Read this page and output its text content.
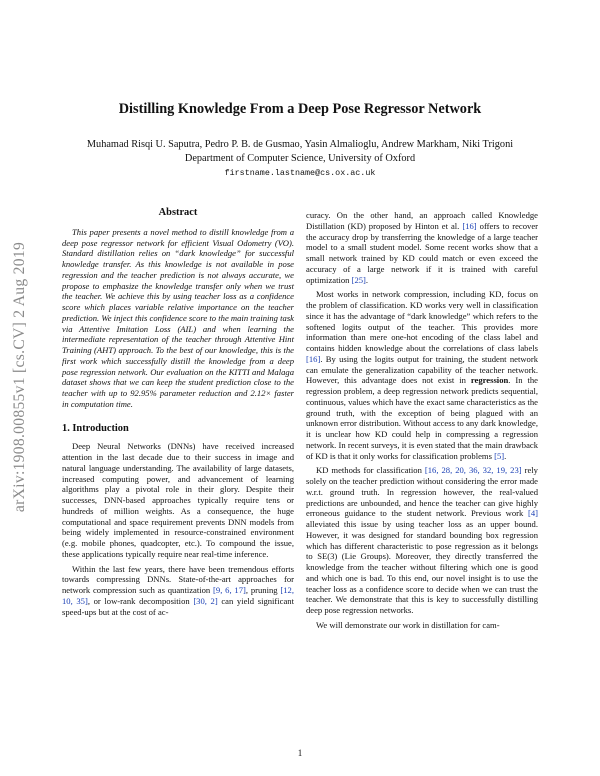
arXiv:1908.00855v1 [cs.CV] 2 Aug 2019
Distilling Knowledge From a Deep Pose Regressor Network
Muhamad Risqi U. Saputra, Pedro P. B. de Gusmao, Yasin Almalioglu, Andrew Markham, Niki Trigoni
Department of Computer Science, University of Oxford
firstname.lastname@cs.ox.ac.uk
Abstract

This paper presents a novel method to distill knowledge from a deep pose regressor network for efficient Visual Odometry (VO). Standard distillation relies on “dark knowledge” for successful knowledge transfer. As this knowledge is not available in pose regression and the teacher prediction is not always accurate, we propose to emphasize the knowledge transfer only when we trust the teacher. We achieve this by using teacher loss as a confidence score which places variable relative importance on the teacher prediction. We inject this confidence score to the main training task via Attentive Imitation Loss (AIL) and when learning the intermediate representation of the teacher through Attentive Hint Training (AHT) approach. To the best of our knowledge, this is the first work which successfully distill the knowledge from a deep pose regression network. Our evaluation on the KITTI and Malaga dataset shows that we can keep the student prediction close to the teacher with up to 92.95% parameter reduction and 2.12× faster in computation time.

1. Introduction

Deep Neural Networks (DNNs) have received increased attention in the last decade due to their success in image and natural language understanding. The availability of large datasets, increased computing power, and advancement of learning algorithms play a pivotal role in their glory. Despite their successes, DNN-based approaches typically require tens or hundreds of million weights. As a consequence, the huge computational and space requirement prevents DNN models from being widely implemented in resource-constrained environment (e.g. mobile phones, quadcopter, etc.). To compound the issue, these applications typically require near real-time inference.

Within the last few years, there have been tremendous efforts towards compressing DNNs. State-of-the-art approaches for network compression such as quantization [9, 6, 17], pruning [12, 10, 35], or low-rank decomposition [30, 2] can yield significant speed-ups but at the cost of ac-

curacy. On the other hand, an approach called Knowledge Distillation (KD) proposed by Hinton et al. [16] offers to recover the accuracy drop by transferring the knowledge of a large teacher model to a small student model. Some recent works show that a small network trained by KD could match or even exceed the accuracy of a large network if it is trained with careful optimization [25].

Most works in network compression, including KD, focus on the problem of classification. KD works very well in classification since it has the advantage of “dark knowledge” which refers to the softened logits output of the teacher. This provides more information than mere one-hot encoding of the class label and contains hidden knowledge about the correlations of class labels [16]. By using the logits output for training, the student network can emulate the generalization capability of the teacher network. However, this advantage does not exist in regression. In the regression problem, a deep regression network predicts sequential, continuous, values which have the exact same characteristics as the ground truth, with the exception of being plagued with an unknown error distribution. Without access to any dark knowledge, it is unclear how KD could help in compressing a regression network. In recent surveys, it is even stated that the main drawback of KD is that it only works for classification problems [5].

KD methods for classification [16, 28, 20, 36, 32, 19, 23] rely solely on the teacher prediction without considering the error made w.r.t. ground truth. In regression however, the real-valued predictions are unbounded, and hence the teacher can give highly erroneous guidance to the student network. Previous work [4] alleviated this issue by using teacher loss as an upper bound. However, it was designed for standard bounding box regression which has different characteristic to pose regression as it belongs to SE(3) (Lie Groups). Moreover, they directly transferred the knowledge from the teacher without filtering which one is good and which one is bad. To this end, our novel insight is to use the teacher loss as a confidence score to decide when we can trust the teacher. We demonstrate that this is key to successfully distilling deep pose regression networks.

We will demonstrate our work in distillation for cam-

1
